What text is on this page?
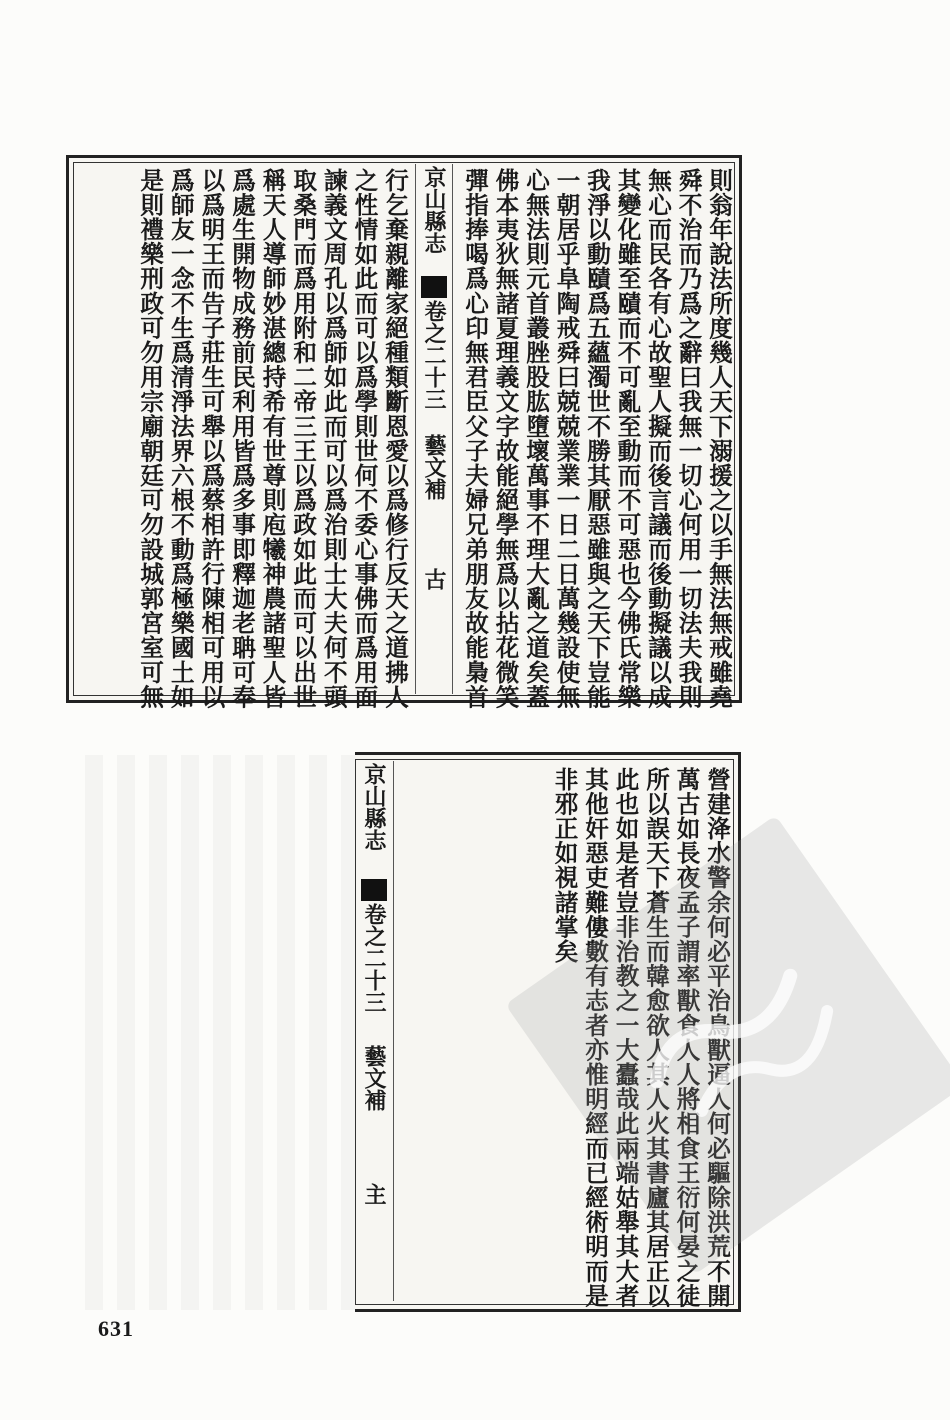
京山縣志
卷之二十三
藝文補
古	則翁年說法所度幾人天下溺援之以手無法無戒雖堯
舜不治而乃爲之辭曰我無一切心何用一切法夫我則
無心而民各有心故聖人擬而後言議而後動擬議以成
其變化雖至賾而不可亂至動而不可惡也今佛氏常樂
我淨以動賾爲五蘊濁世不勝其厭惡雖與之天下豈能
一朝居乎阜陶戒舜曰兢兢業業一日二日萬幾設使無
心無法則元首叢脞股肱墮壞萬事不理大亂之道矣蓋
佛本夷狄無諸夏理義文字故能絕學無爲以拈花微笑
彈指捧喝爲心印無君臣父子夫婦兄弟朋友故能梟首
行乞棄親離家絕種類斷恩愛以爲修行反天之道拂人
之性情如此而可以爲學則世何不委心事佛而爲用面
諫義文周孔以爲師如此而可以爲治則士大夫何不頭
取桑門而爲用附和二帝三王以爲政如此而可以出世
稱天人導師妙湛總持希有世尊則庖犧神農諸聖人皆
爲處生開物成務前民利用皆爲多事即釋迦老聃可奉
以爲明王而告子莊生可舉以爲蔡相許行陳相可用以
爲師友一念不生爲清淨法界六根不動爲極樂國土如
是則禮樂刑政可勿用宗廟朝廷可勿設城郭宮室可無
京山縣志
卷之二十三
藝文補
主	營建洚水警余何必平治鳥獸逼人何必驅除洪荒不開
萬古如長夜孟子謂率獸食人人將相食王衍何晏之徒
所以誤天下蒼生而韓愈欲人其人火其書廬其居正以
此也如是者豈非治教之一大蠹哉此兩端姑舉其大者
其他奸惡吏難僂數有志者亦惟明經而已經術明而是
非邪正如視諸掌矣
631
